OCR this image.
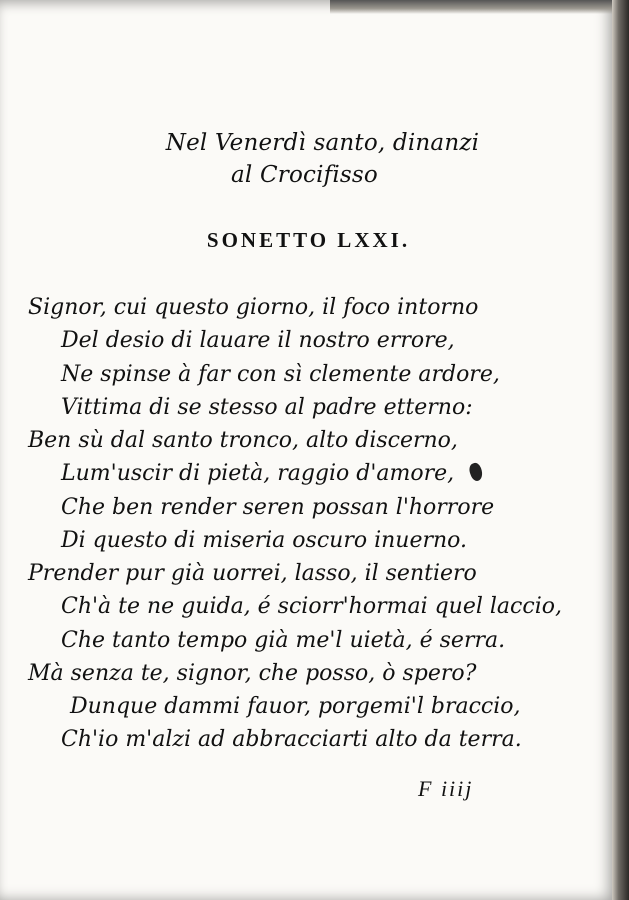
Nel Venerdì santo, dinanzi
al Crocifisso
SONETTO LXXI.
Signor, cui questo giorno, il foco intorno
Del desio di lauare il nostro errore,
Ne spinse à far con sì clemente ardore,
Vittima di se stesso al padre etterno:
Ben sù dal santo tronco, alto discerno,
Lum'uscir di pietà, raggio d'amore,
Che ben render seren possan l'horrore
Di questo di miseria oscuro inuerno.
Prender pur già uorrei, lasso, il sentiero
Ch'à te ne guida, é sciorr'hormai quel laccio,
Che tanto tempo già me'l uietà, é serra.
Mà senza te, signor, che posso, ò spero?
Dunque dammi fauor, porgemi'l braccio,
Ch'io m'alzi ad abbracciarti alto da terra.
F iiij
